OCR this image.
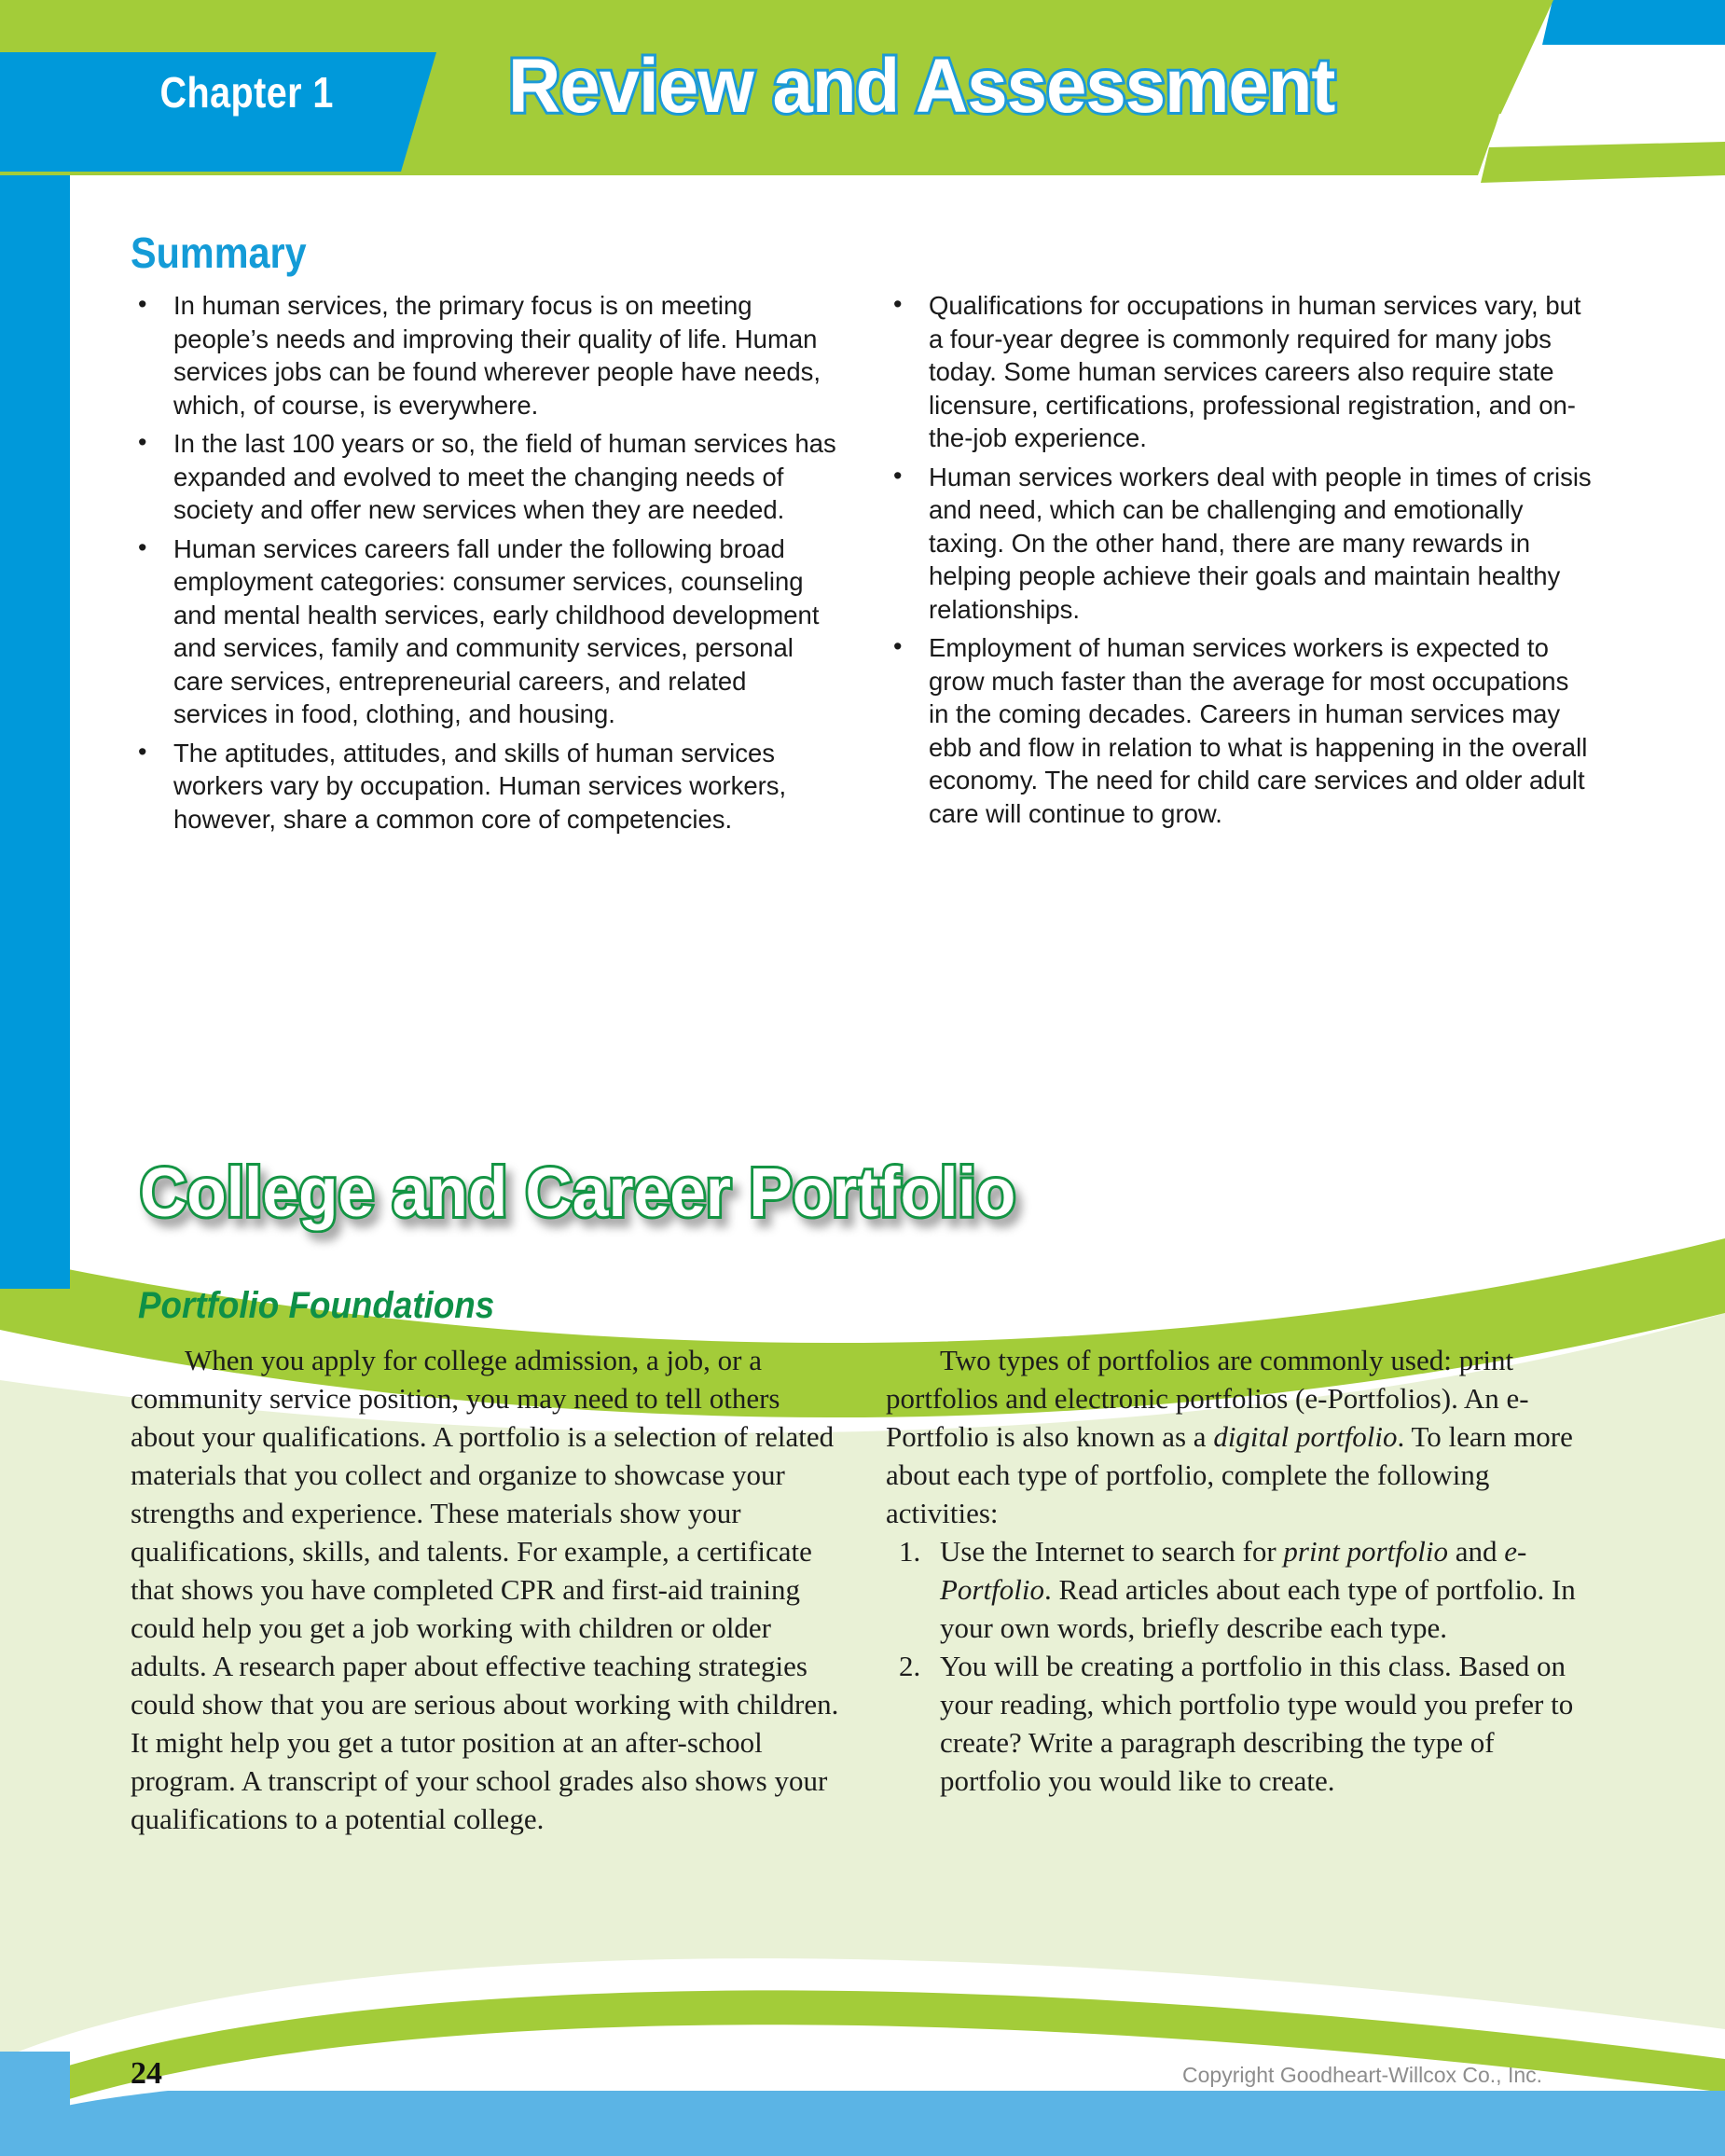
Chapter 1	Review and Assessment
Summary
• In human services, the primary focus is on meeting people’s needs and improving their quality of life. Human services jobs can be found wherever people have needs, which, of course, is everywhere.
• In the last 100 years or so, the field of human services has expanded and evolved to meet the changing needs of society and offer new services when they are needed.
• Human services careers fall under the following broad employment categories: consumer services, counseling and mental health services, early childhood development and services, family and community services, personal care services, entrepreneurial careers, and related services in food, clothing, and housing.
• The aptitudes, attitudes, and skills of human services workers vary by occupation. Human services workers, however, share a common core of competencies.
• Qualifications for occupations in human services vary, but a four-year degree is commonly required for many jobs today. Some human services careers also require state licensure, certifications, professional registration, and on-the-job experience.
• Human services workers deal with people in times of crisis and need, which can be challenging and emotionally taxing. On the other hand, there are many rewards in helping people achieve their goals and maintain healthy relationships.
• Employment of human services workers is expected to grow much faster than the average for most occupations in the coming decades. Careers in human services may ebb and flow in relation to what is happening in the overall economy. The need for child care services and older adult care will continue to grow.
College and Career Portfolio
Portfolio Foundations

When you apply for college admission, a job, or a community service position, you may need to tell others about your qualifications. A portfolio is a selection of related materials that you collect and organize to showcase your strengths and experience. These materials show your qualifications, skills, and talents. For example, a certificate that shows you have completed CPR and first-aid training could help you get a job working with children or older adults. A research paper about effective teaching strategies could show that you are serious about working with children. It might help you get a tutor position at an after-school program. A transcript of your school grades also shows your qualifications to a potential college.

Two types of portfolios are commonly used: print portfolios and electronic portfolios (e-Portfolios). An e-Portfolio is also known as a digital portfolio. To learn more about each type of portfolio, complete the following activities:

1. Use the Internet to search for print portfolio and e-Portfolio. Read articles about each type of portfolio. In your own words, briefly describe each type.
2. You will be creating a portfolio in this class. Based on your reading, which portfolio type would you prefer to create? Write a paragraph describing the type of portfolio you would like to create.
24	Copyright Goodheart-Willcox Co., Inc.
